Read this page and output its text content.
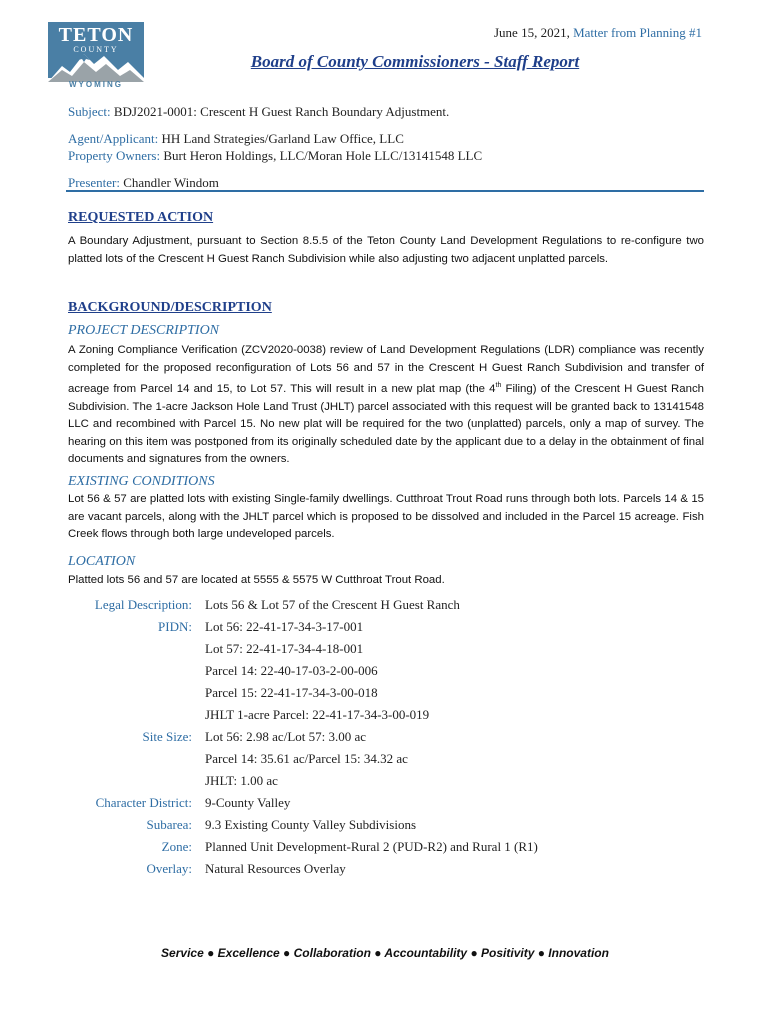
TETON
COUNTY
WYOMING
June 15, 2021, Matter from Planning #1
Board of County Commissioners - Staff Report
Subject: BDJ2021-0001: Crescent H Guest Ranch Boundary Adjustment.
Agent/Applicant: HH Land Strategies/Garland Law Office, LLC
Property Owners: Burt Heron Holdings, LLC/Moran Hole LLC/13141548 LLC
Presenter: Chandler Windom
REQUESTED ACTION
A Boundary Adjustment, pursuant to Section 8.5.5 of the Teton County Land Development Regulations to re-configure two platted lots of the Crescent H Guest Ranch Subdivision while also adjusting two adjacent unplatted parcels.
BACKGROUND/DESCRIPTION
PROJECT DESCRIPTION
A Zoning Compliance Verification (ZCV2020-0038) review of Land Development Regulations (LDR) compliance was recently completed for the proposed reconfiguration of Lots 56 and 57 in the Crescent H Guest Ranch Subdivision and transfer of acreage from Parcel 14 and 15, to Lot 57. This will result in a new plat map (the 4th Filing) of the Crescent H Guest Ranch Subdivision. The 1-acre Jackson Hole Land Trust (JHLT) parcel associated with this request will be granted back to 13141548 LLC and recombined with Parcel 15. No new plat will be required for the two (unplatted) parcels, only a map of survey. The hearing on this item was postponed from its originally scheduled date by the applicant due to a delay in the obtainment of final documents and signatures from the owners.
EXISTING CONDITIONS
Lot 56 & 57 are platted lots with existing Single-family dwellings. Cutthroat Trout Road runs through both lots. Parcels 14 & 15 are vacant parcels, along with the JHLT parcel which is proposed to be dissolved and included in the Parcel 15 acreage. Fish Creek flows through both large undeveloped parcels.
LOCATION
Platted lots 56 and 57 are located at 5555 & 5575 W Cutthroat Trout Road.
Legal Description: Lots 56 & Lot 57 of the Crescent H Guest Ranch
PIDN: Lot 56: 22-41-17-34-3-17-001
Lot 57: 22-41-17-34-4-18-001
Parcel 14: 22-40-17-03-2-00-006
Parcel 15: 22-41-17-34-3-00-018
JHLT 1-acre Parcel: 22-41-17-34-3-00-019
Site Size: Lot 56: 2.98 ac/Lot 57: 3.00 ac
Parcel 14: 35.61 ac/Parcel 15: 34.32 ac
JHLT: 1.00 ac
Character District: 9-County Valley
Subarea: 9.3 Existing County Valley Subdivisions
Zone: Planned Unit Development-Rural 2 (PUD-R2) and Rural 1 (R1)
Overlay: Natural Resources Overlay
Service ● Excellence ● Collaboration ● Accountability ● Positivity ● Innovation
